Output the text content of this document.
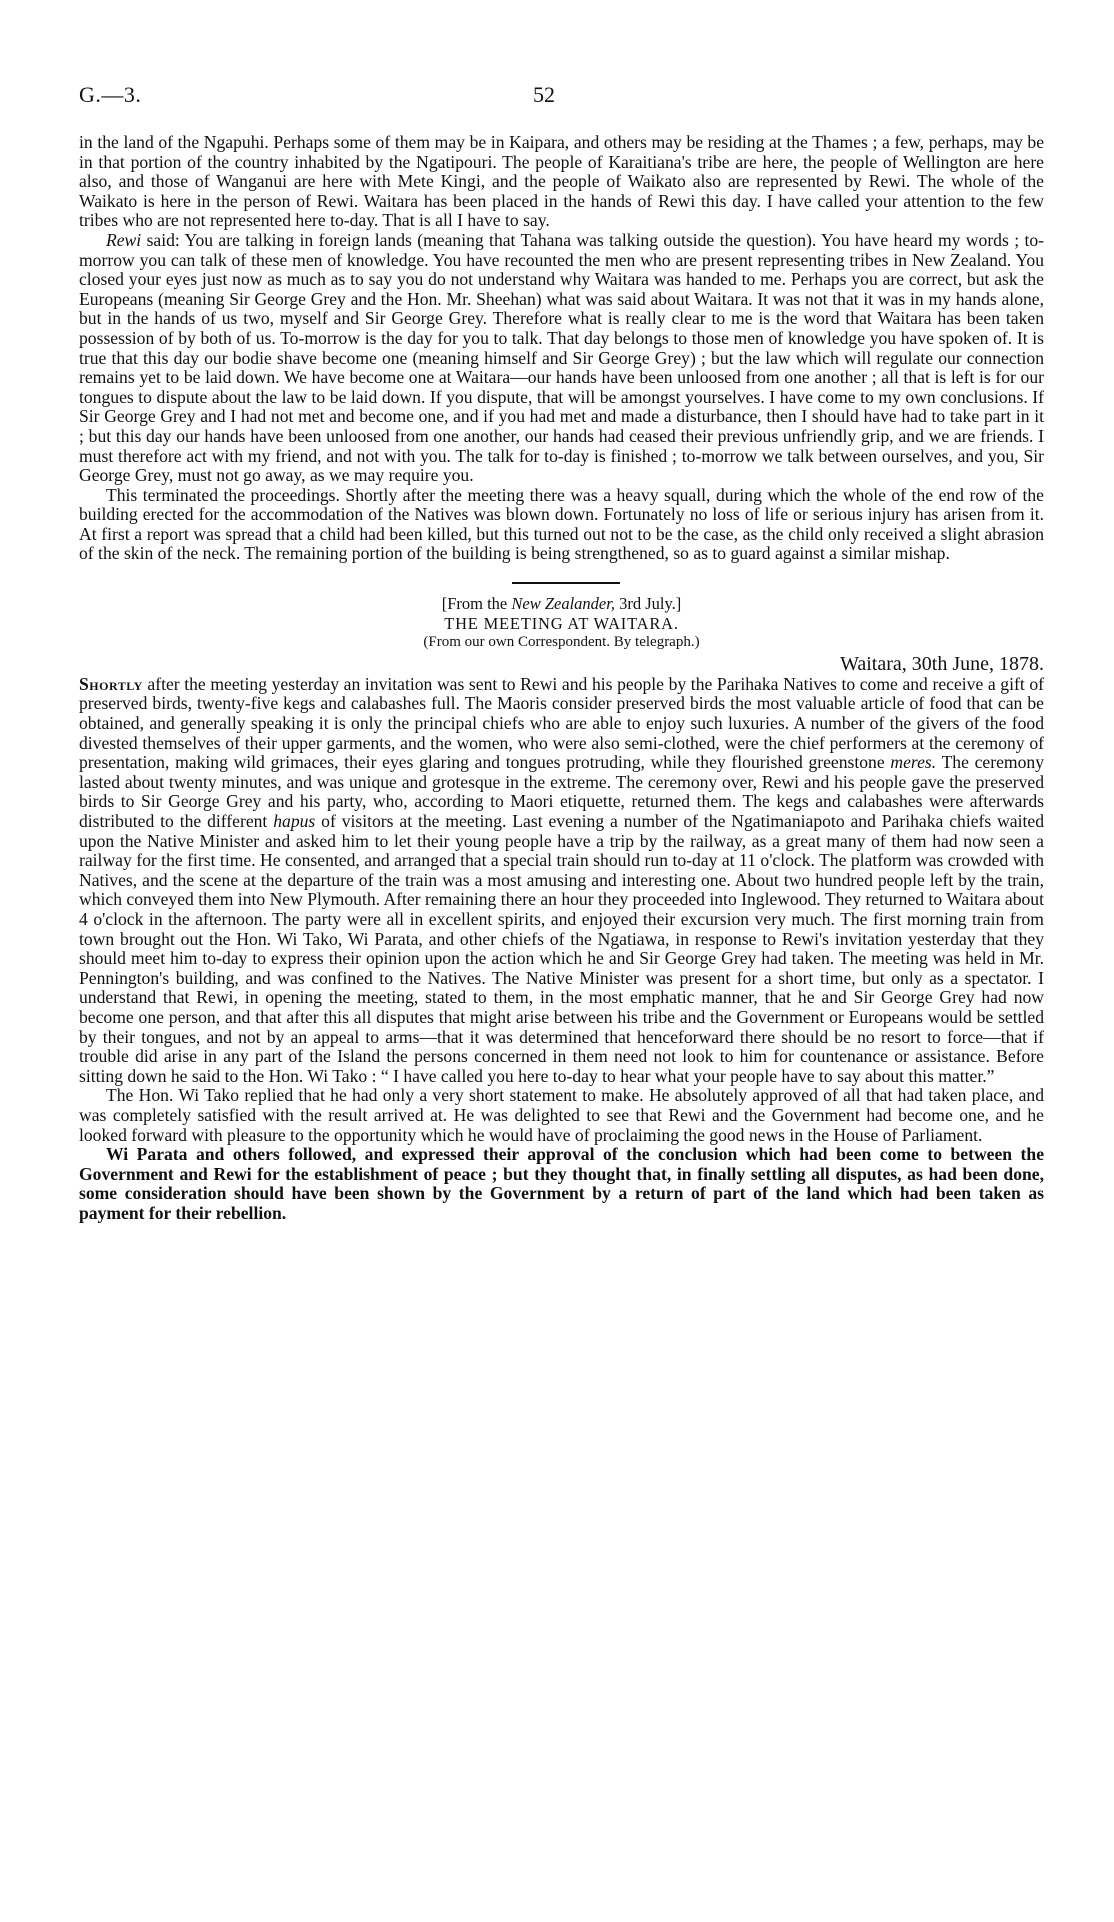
G.—3.	52

in the land of the Ngapuhi. Perhaps some of them may be in Kaipara, and others may be residing at the Thames ; a few, perhaps, may be in that portion of the country inhabited by the Ngatipouri. The people of Karaitiana's tribe are here, the people of Wellington are here also, and those of Wanganui are here with Mete Kingi, and the people of Waikato also are represented by Rewi. The whole of the Waikato is here in the person of Rewi. Waitara has been placed in the hands of Rewi this day. I have called your attention to the few tribes who are not represented here to-day. That is all I have to say.

Rewi said: You are talking in foreign lands (meaning that Tahana was talking outside the question). You have heard my words ; to-morrow you can talk of these men of knowledge. You have recounted the men who are present representing tribes in New Zealand. You closed your eyes just now as much as to say you do not understand why Waitara was handed to me. Perhaps you are correct, but ask the Europeans (meaning Sir George Grey and the Hon. Mr. Sheehan) what was said about Waitara. It was not that it was in my hands alone, but in the hands of us two, myself and Sir George Grey. Therefore what is really clear to me is the word that Waitara has been taken possession of by both of us. To-morrow is the day for you to talk. That day belongs to those men of knowledge you have spoken of. It is true that this day our bodie shave become one (meaning himself and Sir George Grey) ; but the law which will regulate our connection remains yet to be laid down. We have become one at Waitara—our hands have been unloosed from one another ; all that is left is for our tongues to dispute about the law to be laid down. If you dispute, that will be amongst yourselves. I have come to my own conclusions. If Sir George Grey and I had not met and become one, and if you had met and made a disturbance, then I should have had to take part in it ; but this day our hands have been unloosed from one another, our hands had ceased their previous unfriendly grip, and we are friends. I must therefore act with my friend, and not with you. The talk for to-day is finished ; to-morrow we talk between ourselves, and you, Sir George Grey, must not go away, as we may require you.

This terminated the proceedings. Shortly after the meeting there was a heavy squall, during which the whole of the end row of the building erected for the accommodation of the Natives was blown down. Fortunately no loss of life or serious injury has arisen from it. At first a report was spread that a child had been killed, but this turned out not to be the case, as the child only received a slight abrasion of the skin of the neck. The remaining portion of the building is being strengthened, so as to guard against a similar mishap.

[From the New Zealander, 3rd July.]

THE MEETING AT WAITARA.

(From our own Correspondent. By telegraph.)

Waitara, 30th June, 1878.

Shortly after the meeting yesterday an invitation was sent to Rewi and his people by the Parihaka Natives to come and receive a gift of preserved birds, twenty-five kegs and calabashes full. The Maoris consider preserved birds the most valuable article of food that can be obtained, and generally speaking it is only the principal chiefs who are able to enjoy such luxuries. A number of the givers of the food divested themselves of their upper garments, and the women, who were also semi-clothed, were the chief performers at the ceremony of presentation, making wild grimaces, their eyes glaring and tongues protruding, while they flourished greenstone meres. The ceremony lasted about twenty minutes, and was unique and grotesque in the extreme. The ceremony over, Rewi and his people gave the preserved birds to Sir George Grey and his party, who, according to Maori etiquette, returned them. The kegs and calabashes were afterwards distributed to the different hapus of visitors at the meeting. Last evening a number of the Ngatimaniapoto and Parihaka chiefs waited upon the Native Minister and asked him to let their young people have a trip by the railway, as a great many of them had now seen a railway for the first time. He consented, and arranged that a special train should run to-day at 11 o'clock. The platform was crowded with Natives, and the scene at the departure of the train was a most amusing and interesting one. About two hundred people left by the train, which conveyed them into New Plymouth. After remaining there an hour they proceeded into Inglewood. They returned to Waitara about 4 o'clock in the afternoon. The party were all in excellent spirits, and enjoyed their excursion very much. The first morning train from town brought out the Hon. Wi Tako, Wi Parata, and other chiefs of the Ngatiawa, in response to Rewi's invitation yesterday that they should meet him to-day to express their opinion upon the action which he and Sir George Grey had taken. The meeting was held in Mr. Pennington's building, and was confined to the Natives. The Native Minister was present for a short time, but only as a spectator. I understand that Rewi, in opening the meeting, stated to them, in the most emphatic manner, that he and Sir George Grey had now become one person, and that after this all disputes that might arise between his tribe and the Government or Europeans would be settled by their tongues, and not by an appeal to arms—that it was determined that henceforward there should be no resort to force—that if trouble did arise in any part of the Island the persons concerned in them need not look to him for countenance or assistance. Before sitting down he said to the Hon. Wi Tako : “ I have called you here to-day to hear what your people have to say about this matter.”

The Hon. Wi Tako replied that he had only a very short statement to make. He absolutely approved of all that had taken place, and was completely satisfied with the result arrived at. He was delighted to see that Rewi and the Government had become one, and he looked forward with pleasure to the opportunity which he would have of proclaiming the good news in the House of Parliament.

Wi Parata and others followed, and expressed their approval of the conclusion which had been come to between the Government and Rewi for the establishment of peace ; but they thought that, in finally settling all disputes, as had been done, some consideration should have been shown by the Government by a return of part of the land which had been taken as payment for their rebellion.
